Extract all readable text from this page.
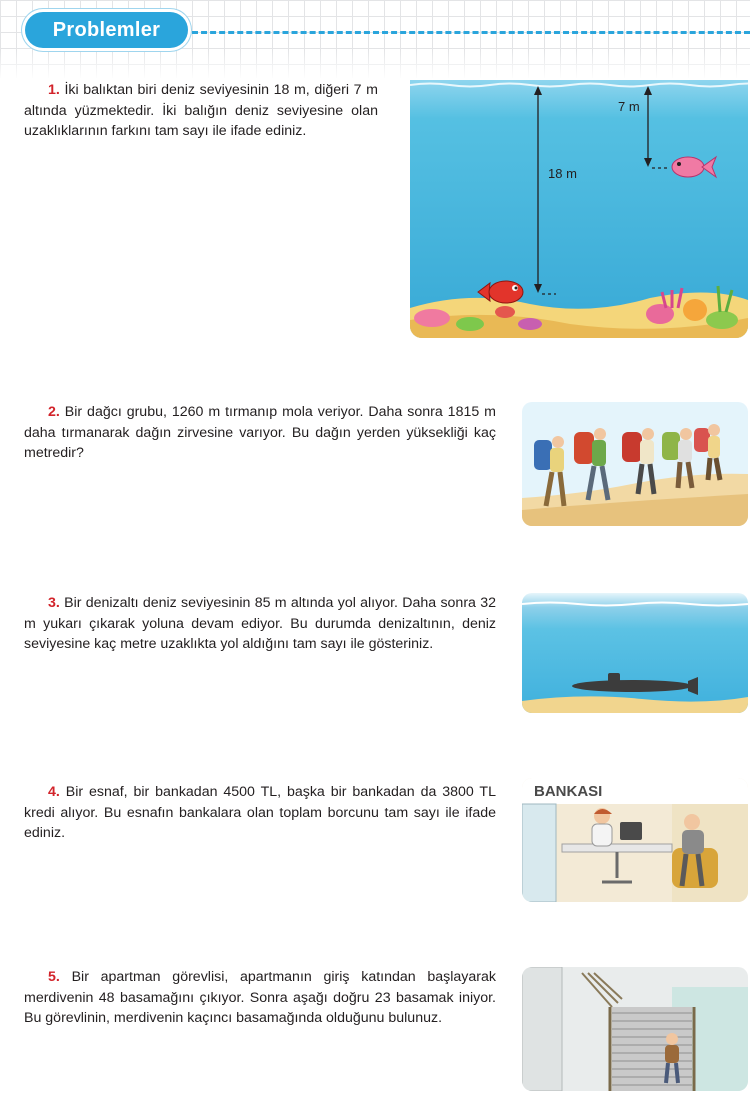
Problemler
1. İki balıktan biri deniz seviyesinin 18 m, diğeri 7 m altında yüzmektedir. İki balığın deniz seviyesine olan uzaklıklarının farkını tam sayı ile ifade ediniz.
18 m
7 m
2. Bir dağcı grubu, 1260 m tırmanıp mola veriyor. Daha sonra 1815 m daha tırmanarak dağın zirvesine varıyor. Bu dağın yerden yüksekliği kaç metredir?
3. Bir denizaltı deniz seviyesinin 85 m altında yol alıyor. Daha sonra 32 m yukarı çıkarak yoluna devam ediyor. Bu durumda denizaltının, deniz seviyesine kaç metre uzaklıkta yol aldığını tam sayı ile gösteriniz.
4. Bir esnaf, bir bankadan 4500 TL, başka bir bankadan da 3800 TL kredi alıyor. Bu esnafın bankalara olan toplam borcunu tam sayı ile ifade ediniz.
BANKASI
5. Bir apartman görevlisi, apartmanın giriş katından başlayarak merdivenin 48 basamağını çıkıyor. Sonra aşağı doğru 23 basamak iniyor. Bu görevlinin, merdivenin kaçıncı basamağında olduğunu bulunuz.
